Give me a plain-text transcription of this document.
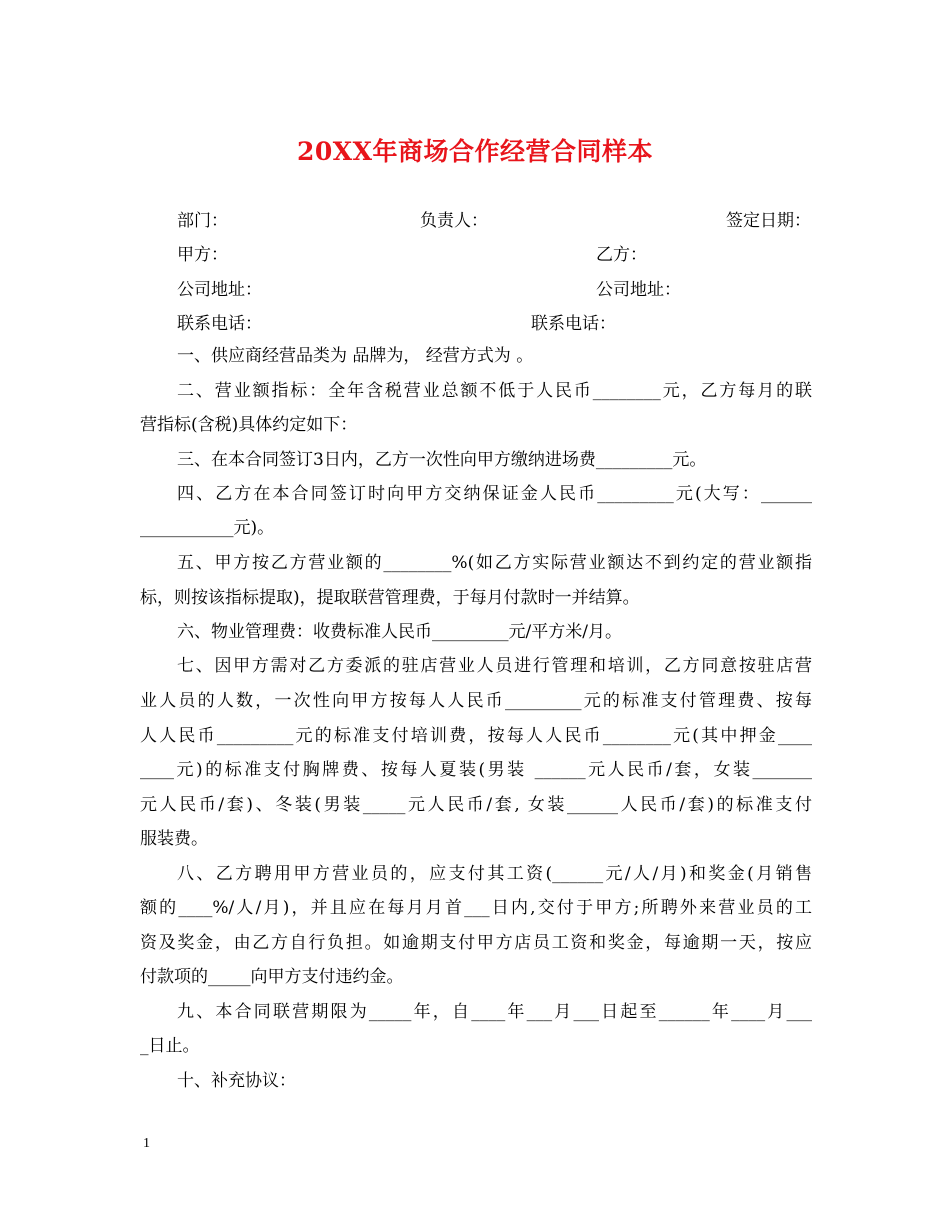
20XX年商场合作经营合同样本
部门：	负责人：	签定日期：
甲方：	乙方：
公司地址：	公司地址：
联系电话：	联系电话：
一、供应商经营品类为 品牌为， 经营方式为 。
二、营业额指标：全年含税营业总额不低于人民币________元，乙方每月的联
营指标(含税)具体约定如下：
三、在本合同签订3日内，乙方一次性向甲方缴纳进场费_________元。
四、乙方在本合同签订时向甲方交纳保证金人民币_________元(大写：______
___________元)。
五、甲方按乙方营业额的________%(如乙方实际营业额达不到约定的营业额指
标，则按该指标提取)，提取联营管理费，于每月付款时一并结算。
六、物业管理费：收费标准人民币_________元/平方米/月。
七、因甲方需对乙方委派的驻店营业人员进行管理和培训，乙方同意按驻店营
业人员的人数，一次性向甲方按每人人民币_________元的标准支付管理费、按每
人人民币_________元的标准支付培训费，按每人人民币________元(其中押金____
____元)的标准支付胸牌费、按每人夏装(男装 ______元人民币/套，女装_______
元人民币/套)、冬装(男装_____元人民币/套, 女装______人民币/套)的标准支付
服装费。
八、乙方聘用甲方营业员的，应支付其工资(______元/人/月)和奖金(月销售
额的____%/人/月)，并且应在每月月首___日内,交付于甲方;所聘外来营业员的工
资及奖金，由乙方自行负担。如逾期支付甲方店员工资和奖金，每逾期一天，按应
付款项的_____向甲方支付违约金。
九、本合同联营期限为_____年，自____年___月___日起至______年____月___
_日止。
十、补充协议：
1
